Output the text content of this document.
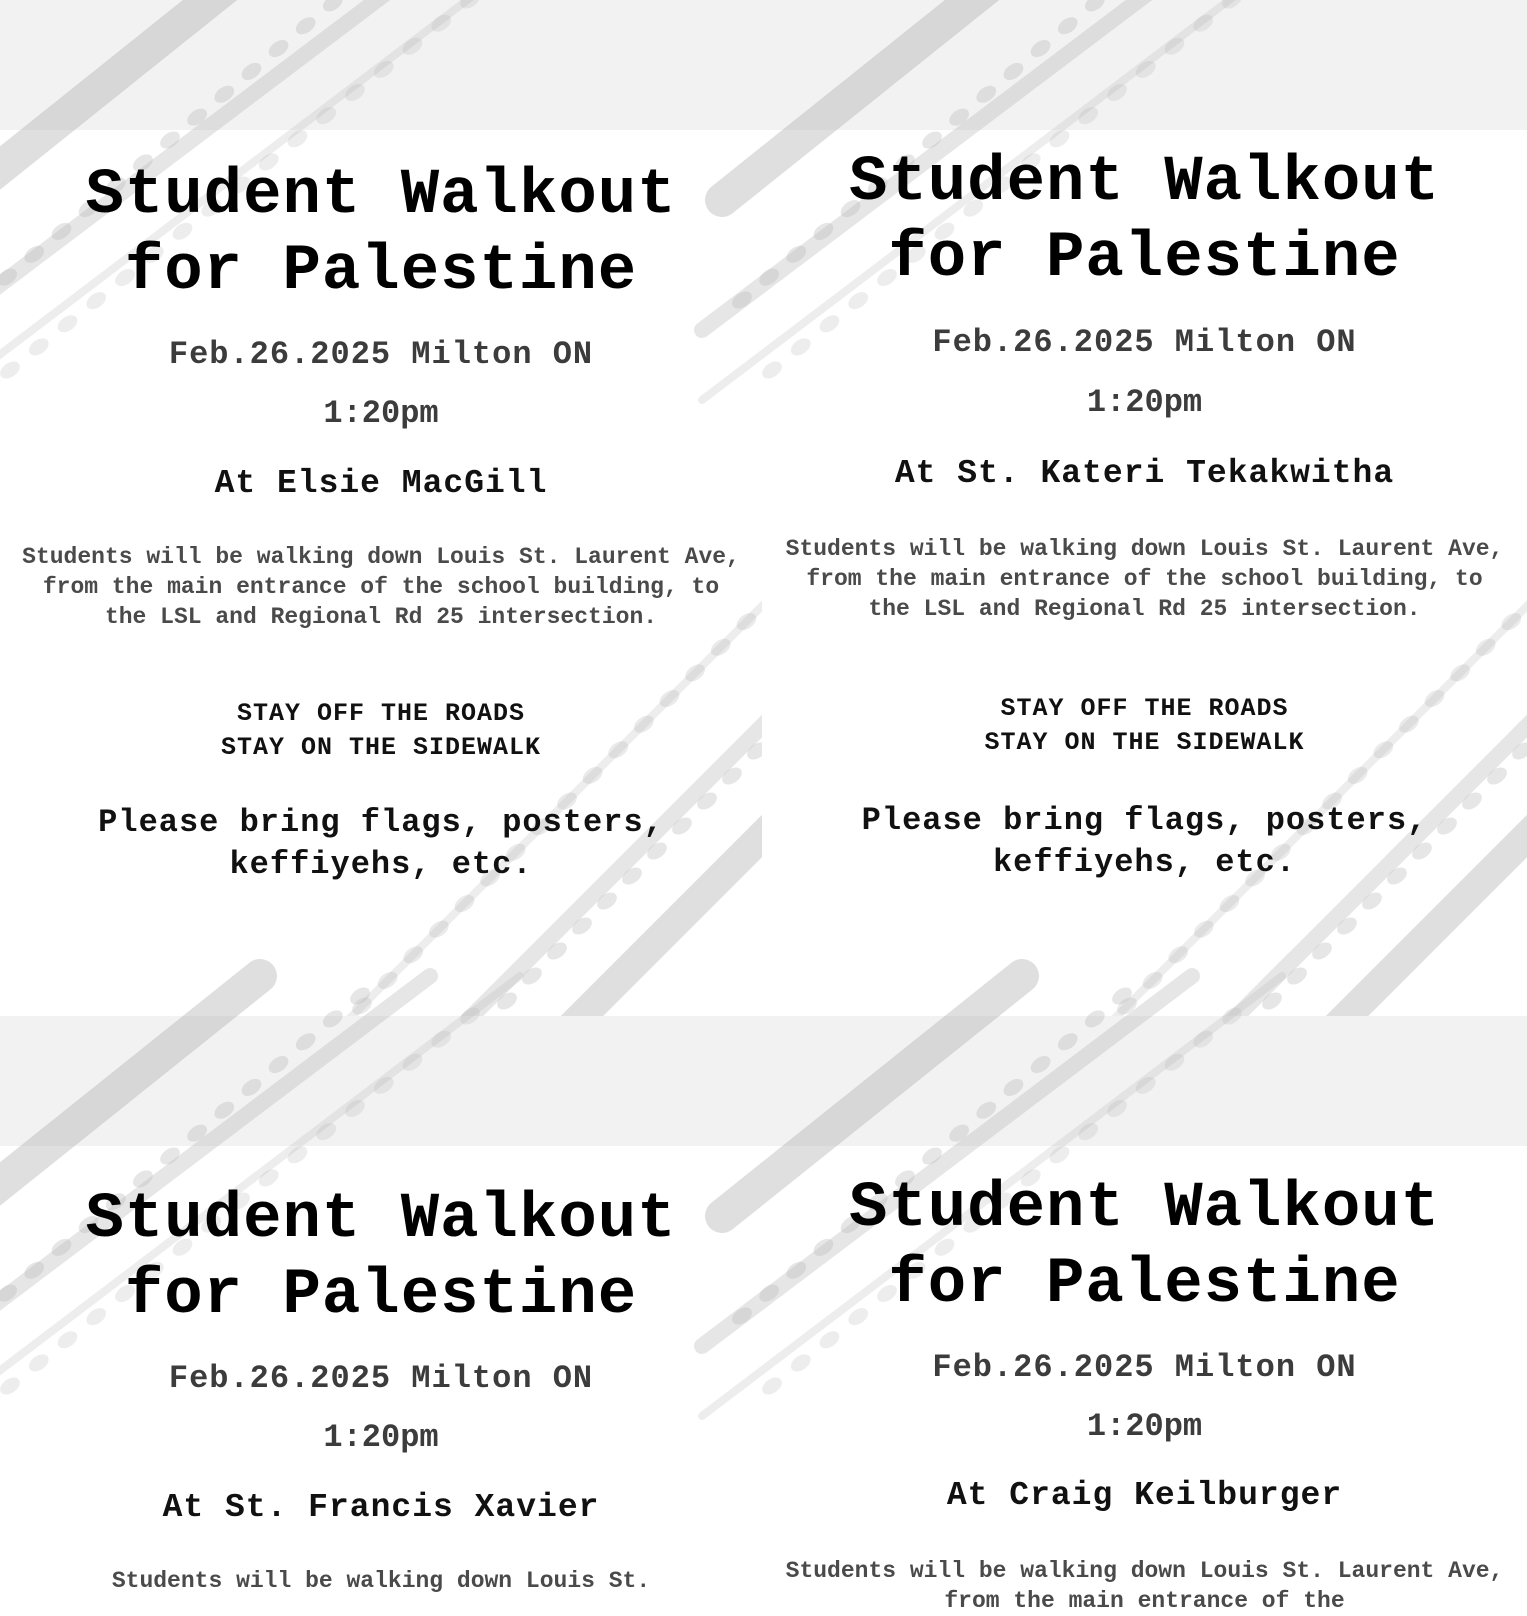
Student Walkout
for Palestine

Feb.26.2025 Milton ON

1:20pm

At Elsie MacGill

Students will be walking down Louis St. Laurent Ave, from the main entrance of the school building, to the LSL and Regional Rd 25 intersection.

STAY OFF THE ROADS
STAY ON THE SIDEWALK

Please bring flags, posters,
keffiyehs, etc.

Student Walkout
for Palestine

Feb.26.2025 Milton ON

1:20pm

At St. Kateri Tekakwitha

Students will be walking down Louis St. Laurent Ave, from the main entrance of the school building, to the LSL and Regional Rd 25 intersection.

STAY OFF THE ROADS
STAY ON THE SIDEWALK

Please bring flags, posters,
keffiyehs, etc.

Student Walkout
for Palestine

Feb.26.2025 Milton ON

1:20pm

At St. Francis Xavier

Students will be walking down Louis St.

Student Walkout
for Palestine

Feb.26.2025 Milton ON

1:20pm

At Craig Keilburger

Students will be walking down Louis St. Laurent Ave, from the main entrance of the
